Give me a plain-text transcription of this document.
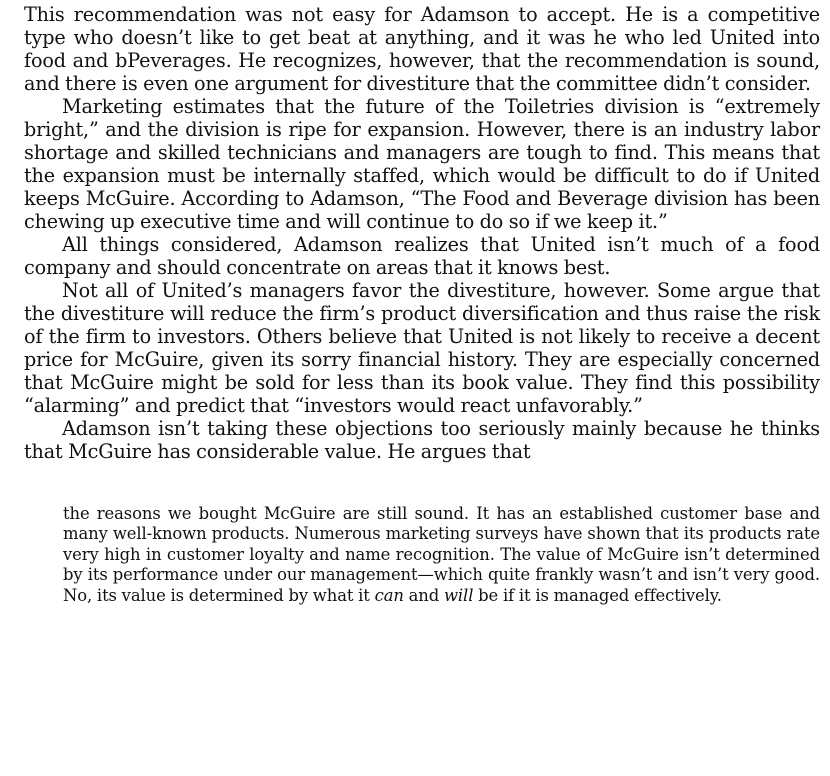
This recommendation was not easy for Adamson to accept. He is a competitive type who doesn’t like to get beat at anything, and it was he who led United into food and bPeverages. He recognizes, however, that the recommendation is sound, and there is even one argument for divestiture that the committee didn’t consider.

Marketing estimates that the future of the Toiletries division is “extremely bright,” and the division is ripe for expansion. However, there is an industry labor shortage and skilled technicians and managers are tough to find. This means that the expansion must be internally staffed, which would be difficult to do if United keeps McGuire. According to Adamson, “The Food and Beverage division has been chewing up executive time and will continue to do so if we keep it.”

All things considered, Adamson realizes that United isn’t much of a food company and should concentrate on areas that it knows best.

Not all of United’s managers favor the divestiture, however. Some argue that the divestiture will reduce the firm’s product diversification and thus raise the risk of the firm to investors. Others believe that United is not likely to receive a decent price for McGuire, given its sorry financial history. They are especially concerned that McGuire might be sold for less than its book value. They find this possibility “alarming” and predict that “investors would react unfavorably.”

Adamson isn’t taking these objections too seriously mainly because he thinks that McGuire has considerable value. He argues that

the reasons we bought McGuire are still sound. It has an established customer base and many well-known products. Numerous marketing surveys have shown that its products rate very high in customer loyalty and name recognition. The value of McGuire isn’t determined by its performance under our management—which quite frankly wasn’t and isn’t very good. No, its value is determined by what it can and will be if it is managed effectively.
